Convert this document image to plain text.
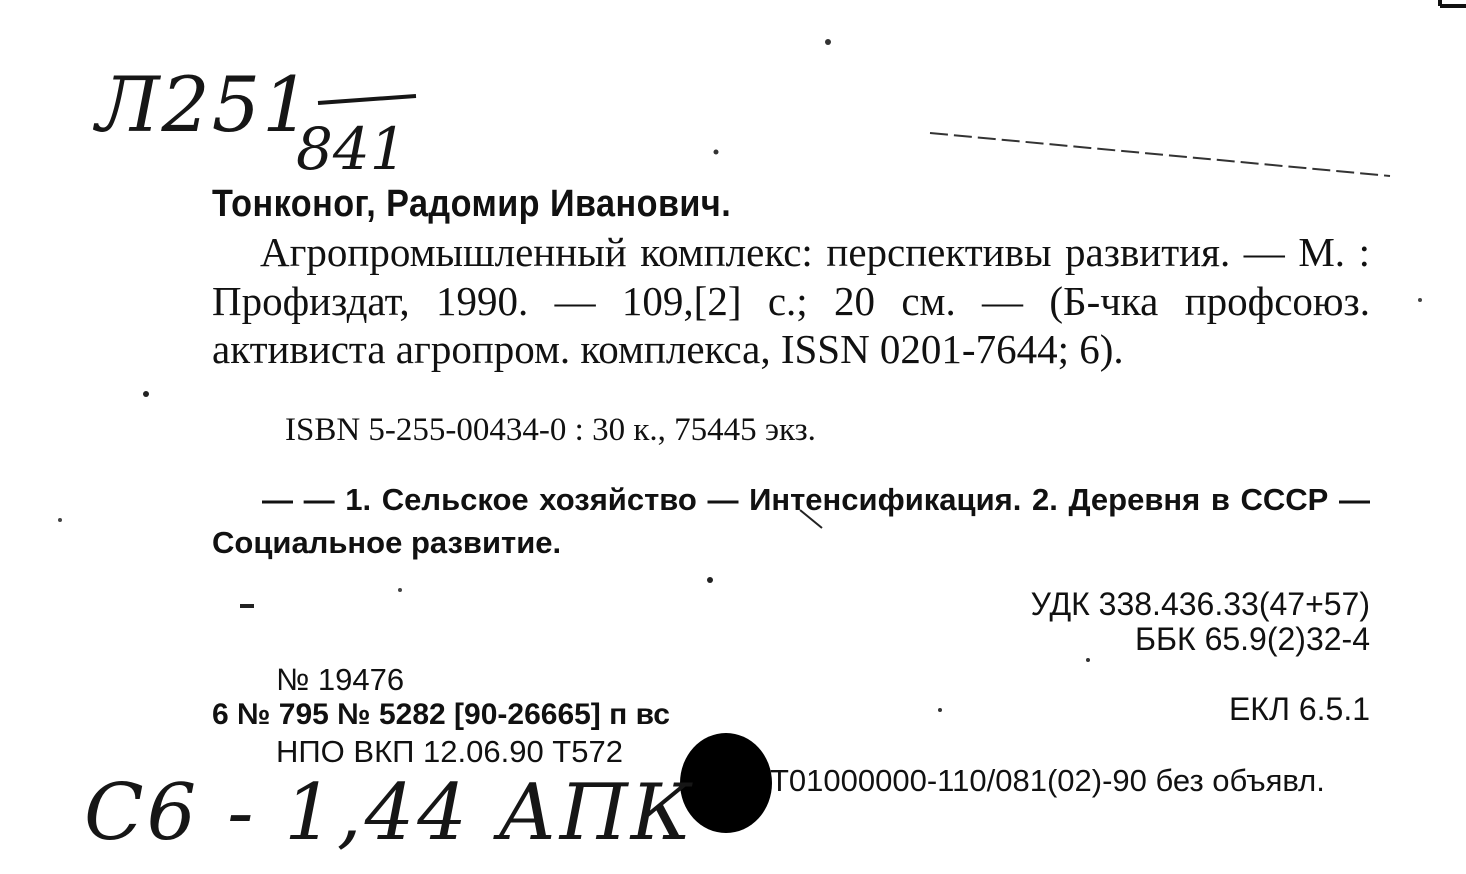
Л251
841
С6 - 1,44 АПК
Тонконог, Радомир Иванович.
Агропромышленный комплекс: перспективы развития. — М. : Профиздат, 1990. — 109,[2] с.; 20 см. — (Б-чка профсоюз. активиста агропром. комплекса, ISSN 0201-7644; 6).
ISBN 5-255-00434-0 : 30 к., 75445 экз.
— — 1. Сельское хозяйство — Интенсификация. 2. Деревня в СССР — Социальное развитие.
УДК 338.436.33(47+57)
ББК 65.9(2)32-4
№ 19476
6 № 795 № 5282 [90-26665] п вс	ЕКЛ 6.5.1
НПО ВКП 12.06.90 Т572
Т01000000-110/081(02)-90 без объявл.
